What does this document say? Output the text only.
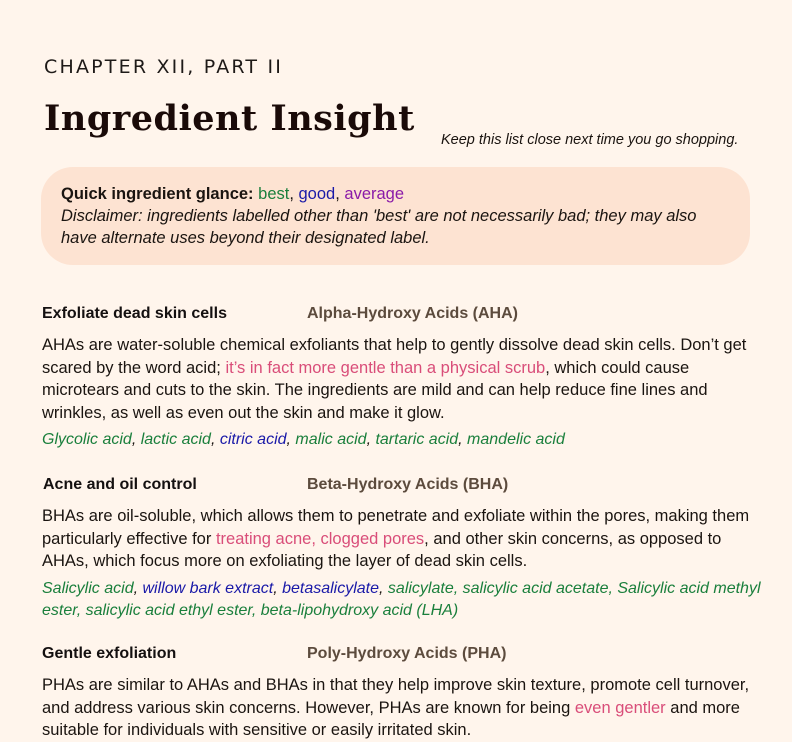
CHAPTER XII, PART II
Ingredient Insight
Keep this list close next time you go shopping.
Quick ingredient glance: best, good, average
Disclaimer: ingredients labelled other than 'best' are not necessarily bad; they may also have alternate uses beyond their designated label.
Exfoliate dead skin cells	Alpha-Hydroxy Acids (AHA)
AHAs are water-soluble chemical exfoliants that help to gently dissolve dead skin cells. Don’t get scared by the word acid; it’s in fact more gentle than a physical scrub, which could cause microtears and cuts to the skin. The ingredients are mild and can help reduce fine lines and wrinkles, as well as even out the skin and make it glow.
Glycolic acid, lactic acid, citric acid, malic acid, tartaric acid, mandelic acid
Acne and oil control	Beta-Hydroxy Acids (BHA)
BHAs are oil-soluble, which allows them to penetrate and exfoliate within the pores, making them particularly effective for treating acne, clogged pores, and other skin concerns, as opposed to AHAs, which focus more on exfoliating the layer of dead skin cells.
Salicylic acid, willow bark extract, betasalicylate, salicylate, salicylic acid acetate, Salicylic acid methyl ester, salicylic acid ethyl ester, beta-lipohydroxy acid (LHA)
Gentle exfoliation	Poly-Hydroxy Acids (PHA)
PHAs are similar to AHAs and BHAs in that they help improve skin texture, promote cell turnover, and address various skin concerns. However, PHAs are known for being even gentler and more suitable for individuals with sensitive or easily irritated skin.
